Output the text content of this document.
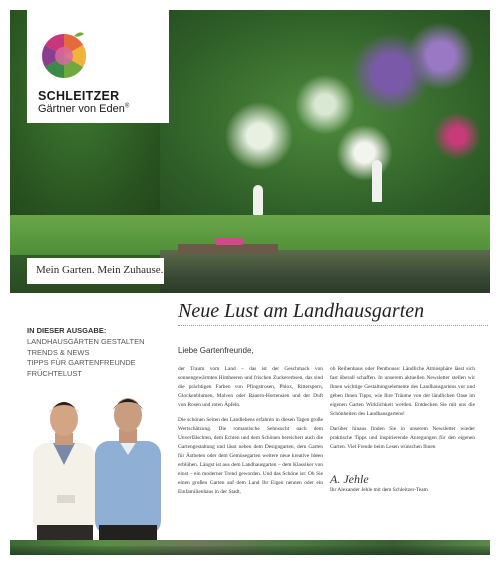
SCHLEITZER
Gärtner von Eden®
Mein Garten. Mein Zuhause.
Neue Lust am Landhausgarten
IN DIESER AUSGABE:
LANDHAUSGÄRTEN GESTALTEN
TRENDS & NEWS
TIPPS FÜR GARTENFREUNDE
FRÜCHTELUST
Liebe Gartenfreunde,

der Traum vom Land – das ist der Geschmack von sonnengewärmten Himbeeren und frischen Zuckererbsen, das sind die prächtigen Farben von Pfingstrosen, Phlox, Rittersporn, Glockenblumen, Malven oder Bauern-Hortensien und der Duft von Rosen und roten Äpfeln.

Die schönen Seiten des Landlebens erfahren in diesen Tagen große Wertschätzung. Die romantische Sehnsucht nach dem Unverfälschten, dem Echten und dem Schönen bereichert auch die Gartengestaltung und lässt neben dem Designgarten, dem Garten für Ästheten oder dem Gemüsegarten weitere neue kreative Ideen erblühen. Längst ist aus dem Landhausgarten – dem Klassiker von einst – ein moderner Trend geworden. Und das Schöne ist: Ob Sie einen großen Garten auf dem Land Ihr Eigen nennen oder ein Einfamilienhaus in der Stadt,

ob Reihenhaus oder Penthouse: Ländliche Atmosphäre lässt sich fast überall schaffen. In unserem aktuellen Newsletter stellen wir Ihnen wichtige Gestaltungselemente des Landhausgartens vor und geben Ihnen Tipps, wie Ihre Träume von der ländlichen Oase im eigenen Garten Wirklichkeit werden. Entdecken Sie mit uns die Schönheiten des Landhausgartens!

Darüber hinaus finden Sie in unserem Newsletter wieder praktische Tipps und inspirierende Anregungen für den eigenen Garten. Viel Freude beim Lesen wünschen Ihnen

A. Jehle
Ihr Alexander Jehle mit dem Schleitzer-Team
